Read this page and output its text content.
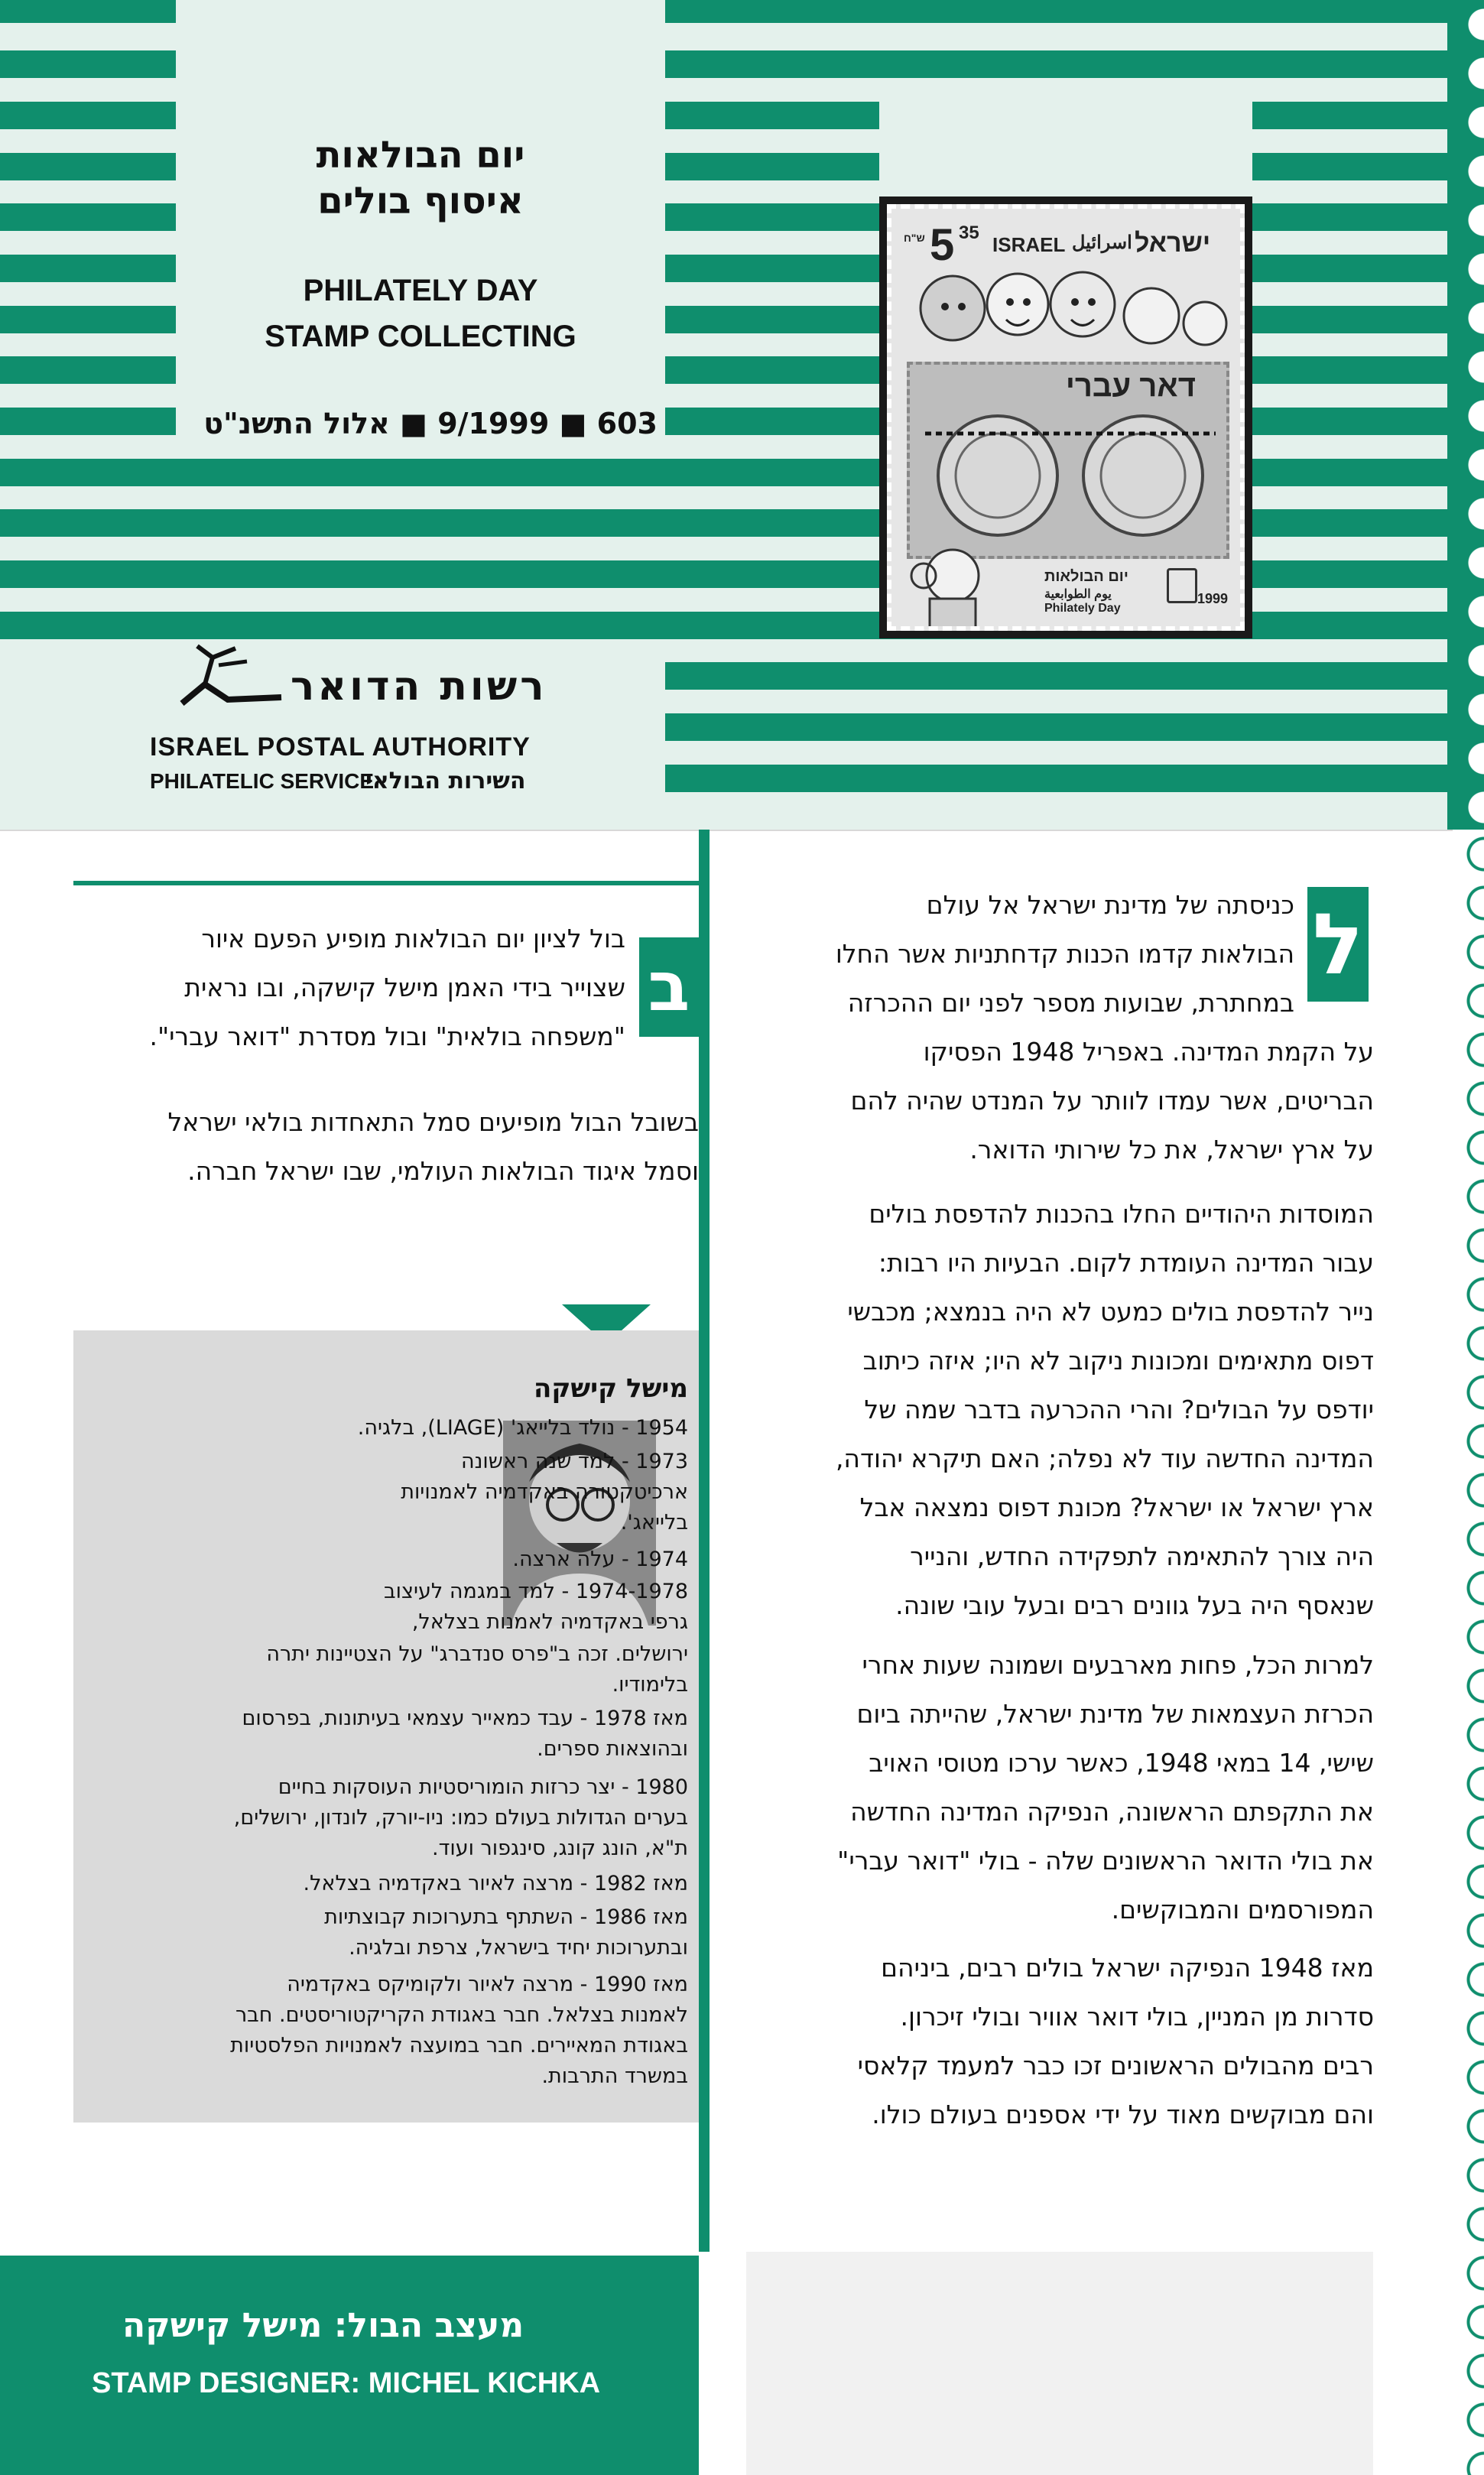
יום הבולאות
איסוף בולים
PHILATELY DAY
STAMP COLLECTING
603 ■ 9/1999 ■ אלול התשנ"ט
5 35
ש"ח	ISRAEL اسرائيل ישראל
דאר עברי
יום הבולאות
يوم الطوابعية
Philately Day
1999
רשות הדואר
ISRAEL POSTAL AUTHORITY
PHILATELIC SERVICE
השירות הבולאי
ל
כניסתה של מדינת ישראל אל עולם
הבולאות קדמו הכנות קדחתניות אשר החלו
במחתרת, שבועות מספר לפני יום ההכרזה
על הקמת המדינה. באפריל 1948 הפסיקו
הבריטים, אשר עמדו לוותר על המנדט שהיה להם
על ארץ ישראל, את כל שירותי הדואר.
המוסדות היהודיים החלו בהכנות להדפסת בולים
עבור המדינה העומדת לקום. הבעיות היו רבות:
נייר להדפסת בולים כמעט לא היה בנמצא; מכבשי
דפוס מתאימים ומכונות ניקוב לא היו; איזה כיתוב
יודפס על הבולים? והרי ההכרעה בדבר שמה של
המדינה החדשה עוד לא נפלה; האם תיקרא יהודה,
ארץ ישראל או ישראל? מכונת דפוס נמצאה אבל
היה צורך להתאימה לתפקידה החדש, והנייר
שנאסף היה בעל גוונים רבים ובעל עובי שונה.
למרות הכל, פחות מארבעים ושמונה שעות אחרי
הכרזת העצמאות של מדינת ישראל, שהייתה ביום
שישי, 14 במאי 1948, כאשר ערכו מטוסי האויב
את התקפתם הראשונה, הנפיקה המדינה החדשה
את בולי הדואר הראשונים שלה - בולי "דואר עברי"
המפורסמים והמבוקשים.
מאז 1948 הנפיקה ישראל בולים רבים, ביניהם
סדרות מן המניין, בולי דואר אוויר ובולי זיכרון.
רבים מהבולים הראשונים זכו כבר למעמד קלאסי
והם מבוקשים מאוד על ידי אספנים בעולם כולו.
ב
בול לציון יום הבולאות מופיע הפעם איור
שצוייר בידי האמן מישל קישקה, ובו נראית
"משפחה בולאית" ובול מסדרת "דואר עברי".
בשובל הבול מופיעים סמל התאחדות בולאי ישראל
וסמל איגוד הבולאות העולמי, שבו ישראל חברה.
מישל קישקה
1954 - נולד בלייאג' (LIAGE), בלגיה.
1973 - למד שנה ראשונה
ארכיטקטורה באקדמיה לאמנויות
בלייאג'.
1974 - עלה ארצה.
1974-1978 - למד במגמה לעיצוב
גרפי באקדמיה לאמנות בצלאל,
ירושלים. זכה ב"פרס סנדברג" על הצטיינות יתרה
בלימודיו.
מאז 1978 - עבד כמאייר עצמאי בעיתונות, בפרסום
ובהוצאות ספרים.
1980 - יצר כרזות הומוריסטיות העוסקות בחיים
בערים הגדולות בעולם כמו: ניו-יורק, לונדון, ירושלים,
ת"א, הונג קונג, סינגפור ועוד.
מאז 1982 - מרצה לאיור באקדמיה בצלאל.
מאז 1986 - השתתף בתערוכות קבוצתיות
ובתערוכות יחיד בישראל, צרפת ובלגיה.
מאז 1990 - מרצה לאיור ולקומיקס באקדמיה
לאמנות בצלאל. חבר באגודת הקריקטוריסטים. חבר
באגודת המאיירים. חבר במועצה לאמנויות הפלסטיות
במשרד התרבות.
מעצב הבול: מישל קישקה
STAMP DESIGNER: MICHEL KICHKA
